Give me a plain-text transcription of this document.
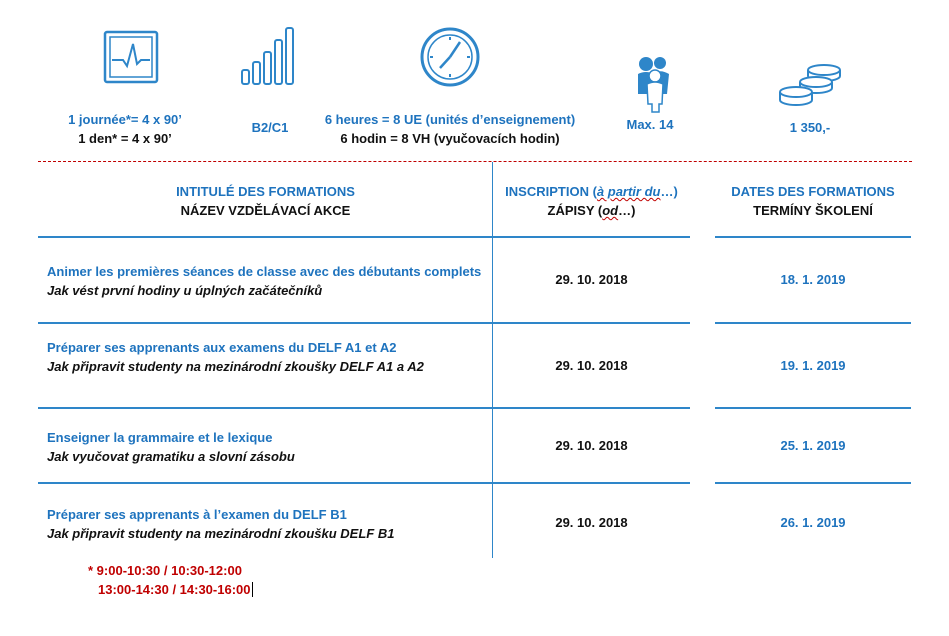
1 journée*= 4 x 90’
1 den* = 4 x 90’
B2/C1
6 heures = 8 UE (unités d’enseignement)
6 hodin = 8 VH (vyučovacích hodin)
Max. 14	1 350,-
INTITULÉ DES FORMATIONS
NÁZEV VZDĚLÁVACÍ AKCE
INSCRIPTION (à partir du…)
ZÁPISY (od…)
DATES DES FORMATIONS
TERMÍNY ŠKOLENÍ
Animer les premières séances de classe avec des débutants complets
Jak vést první hodiny u úplných začátečníků
29. 10. 2018	18. 1. 2019
Préparer ses apprenants aux examens du DELF A1 et A2
Jak připravit studenty na mezinárodní zkoušky DELF A1 a A2	29. 10. 2018	19. 1. 2019
Enseigner la grammaire et le lexique
Jak vyučovat gramatiku a slovní zásobu
29. 10. 2018	25. 1. 2019
Préparer ses apprenants à l’examen du DELF B1
Jak připravit studenty na mezinárodní zkoušku DELF B1
29. 10. 2018	26. 1. 2019
* 9:00-10:30 / 10:30-12:00
13:00-14:30 / 14:30-16:00
